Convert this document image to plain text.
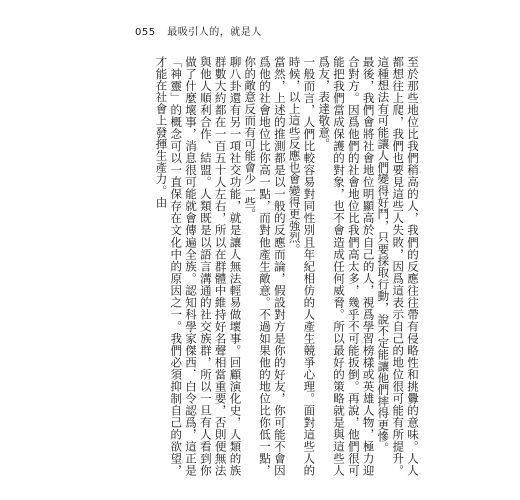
055 最吸引人的，就是人

至於那些地位比我們稍高的人，我們的反應往往帶有侵略性和挑釁的意味。人人都想往上爬，我們也要見這些人失敗，因爲這表示自己的地位很可能有所提升。這種想法有可能讓人們變得好鬥，只要採取行動，說不定能讓他們摔得更慘。

最後，我們會將社會地位明顯高於自己的人，視爲學習榜樣或英雄人物，極力迎合對方。因爲他們的社會地位比我們高太多，幾乎不可能扳倒。再說，他們很可能把我們當成保護的對象，也不會造成任何威脅。所以最好的策略就是與這些人爲友，表達敬意。

一般而言，人們比較容易對同性別且年紀相仿的人產生競爭心理。面對這些人的時候，以上這些反應也會變得更強烈。

當然，上述的推測都是以一般的反應而論，假設對方是你的好友，你可能不會因爲他的社會地位比你高一點，而對他產生敵意。不過如果他的地位比你低一點，你的敵意反而有可能會少一些。

聊八卦還有另一項社交功能，就是讓人無法輕易做壞事。回顧演化史，人類的族群數大約都在一百五十人左右，所以在群體中維持好名聲相當重要，否則便無法與他人順利合作、結盟。人類既是以語言溝通的社交族群，所以一旦有人看到你做了什麼壞事，消息很可能就會傳遍全族。認知科學家傑西．白令認爲，這正是「神靈」的概念可以一直保存在文化中的原因之一。我們必須抑制自己的欲望，才能在社會上發揮生產力。由
